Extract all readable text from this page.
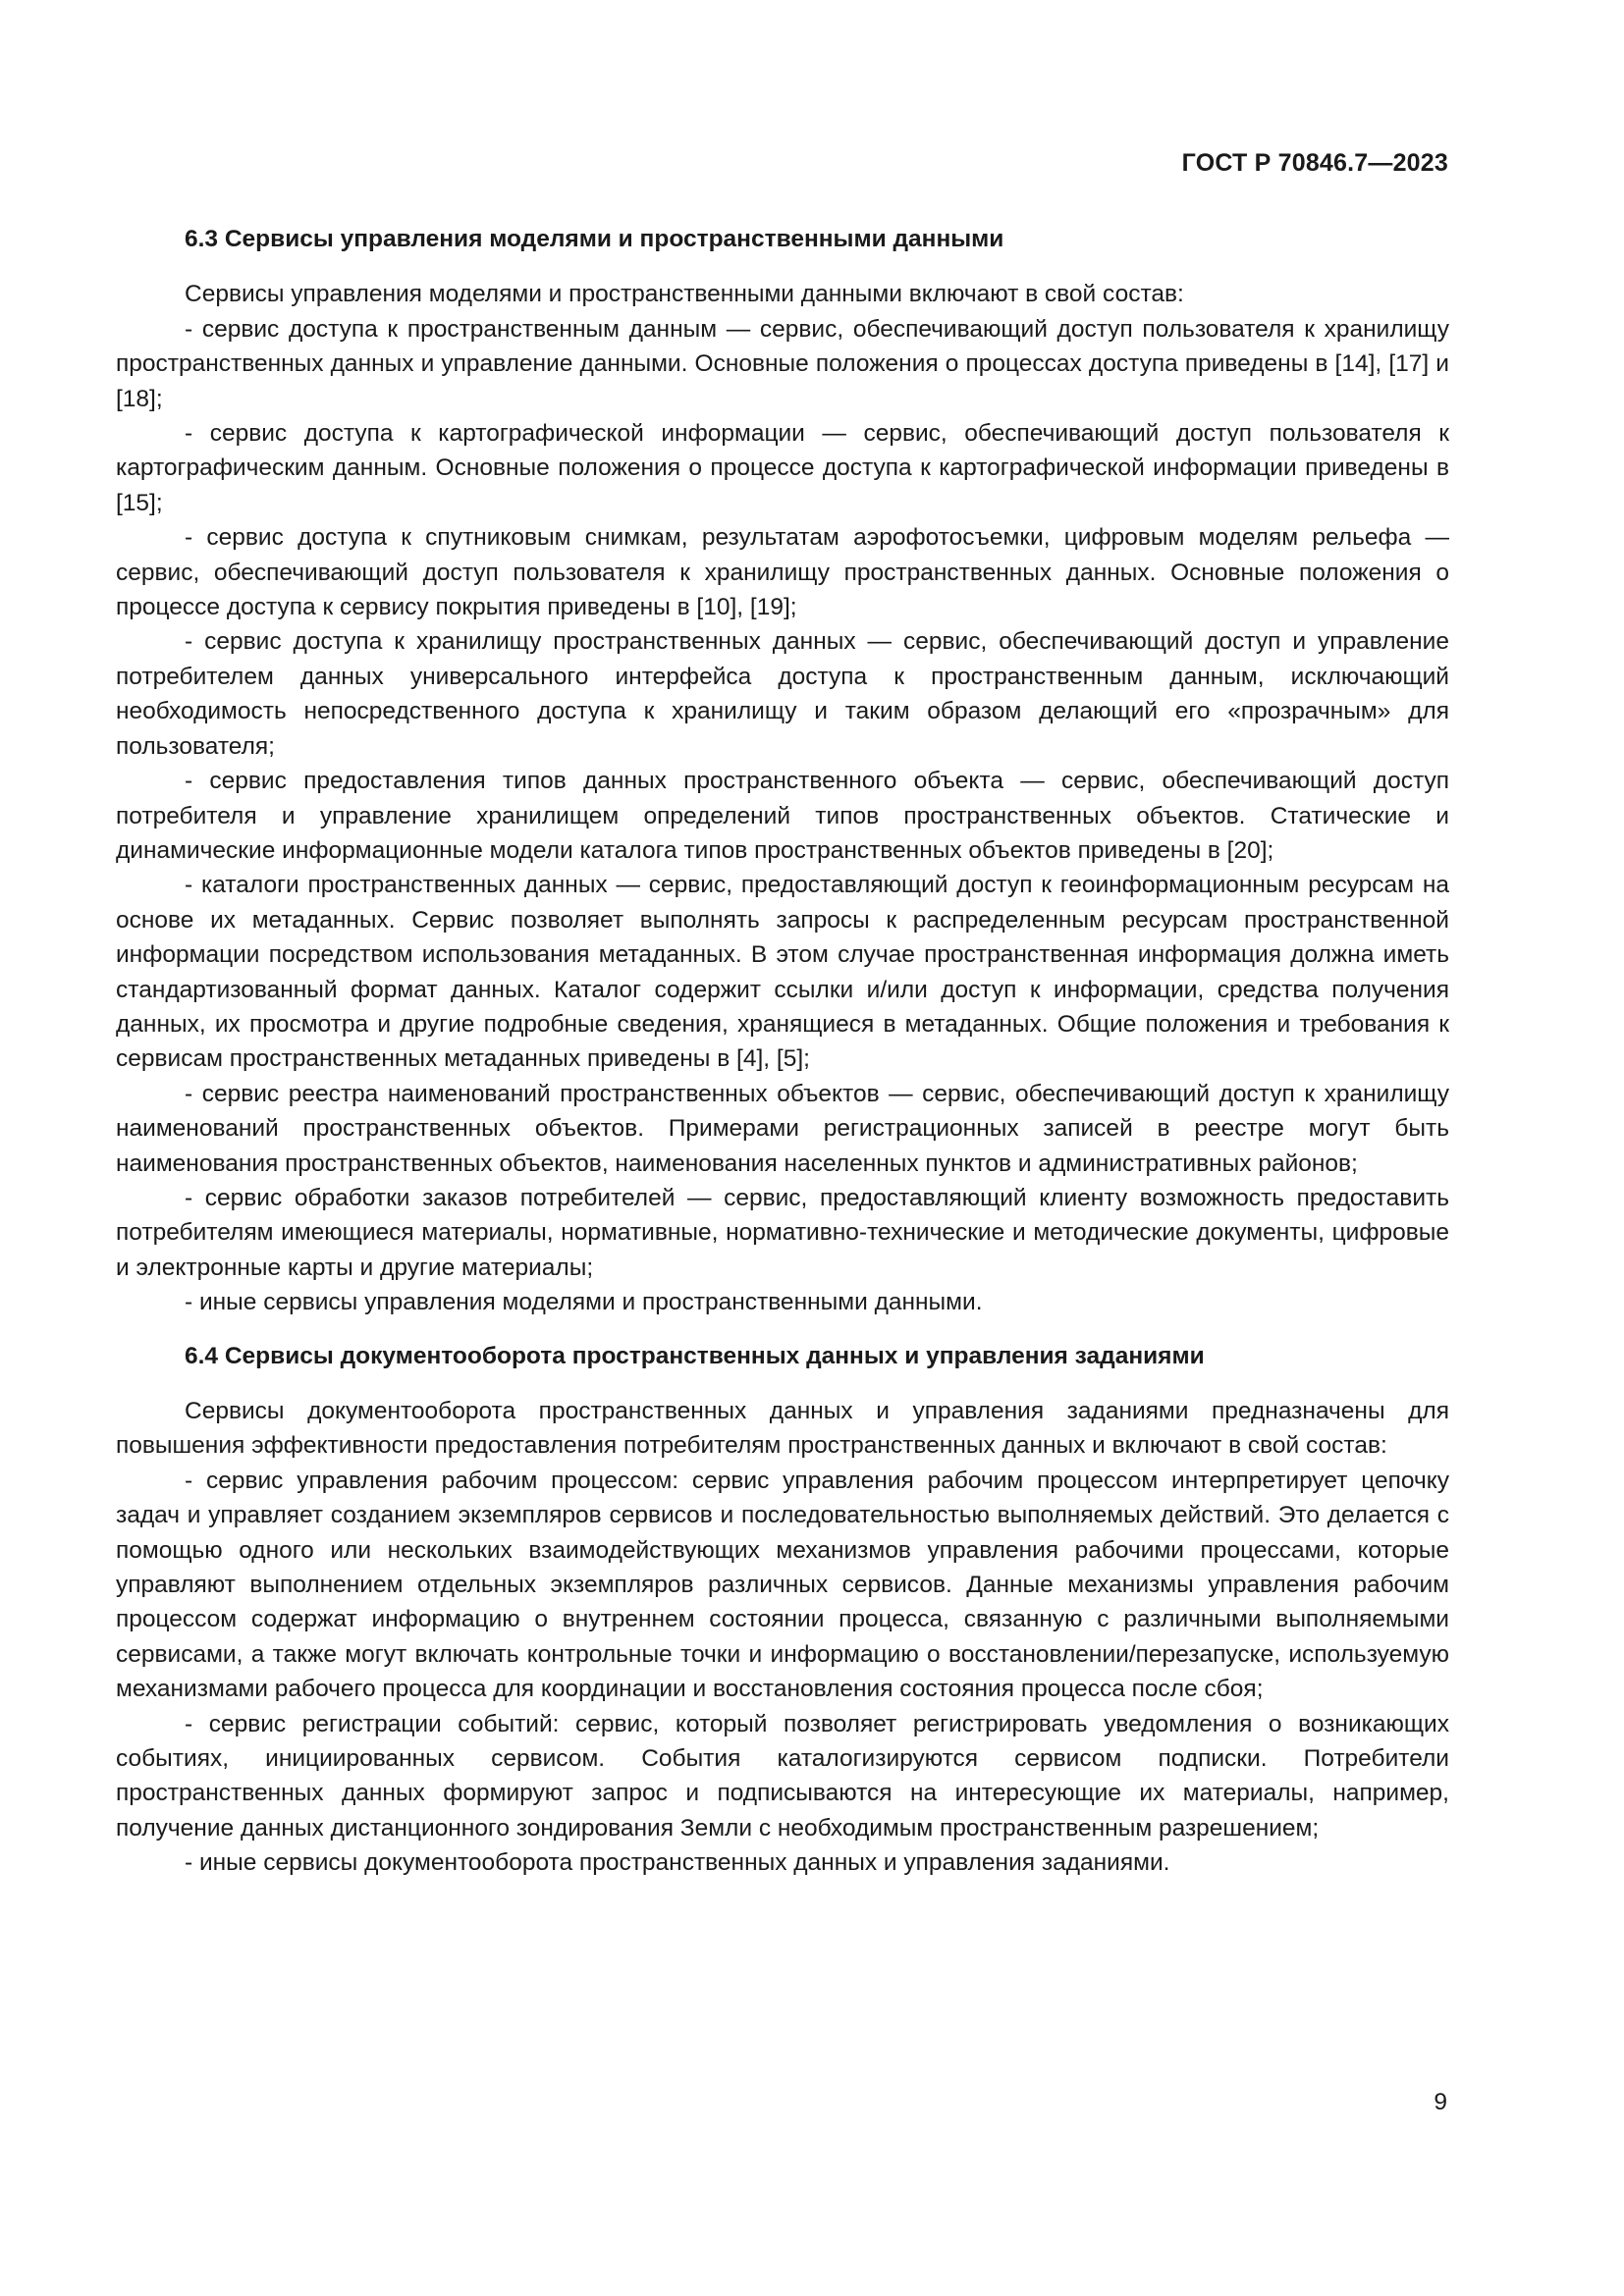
ГОСТ Р 70846.7—2023

6.3 Сервисы управления моделями и пространственными данными

Сервисы управления моделями и пространственными данными включают в свой состав:

- сервис доступа к пространственным данным — сервис, обеспечивающий доступ пользователя к хранилищу пространственных данных и управление данными. Основные положения о процессах доступа приведены в [14], [17] и [18];

- сервис доступа к картографической информации — сервис, обеспечивающий доступ пользователя к картографическим данным. Основные положения о процессе доступа к картографической информации приведены в [15];

- сервис доступа к спутниковым снимкам, результатам аэрофотосъемки, цифровым моделям рельефа — сервис, обеспечивающий доступ пользователя к хранилищу пространственных данных. Основные положения о процессе доступа к сервису покрытия приведены в [10], [19];

- сервис доступа к хранилищу пространственных данных — сервис, обеспечивающий доступ и управление потребителем данных универсального интерфейса доступа к пространственным данным, исключающий необходимость непосредственного доступа к хранилищу и таким образом делающий его «прозрачным» для пользователя;

- сервис предоставления типов данных пространственного объекта — сервис, обеспечивающий доступ потребителя и управление хранилищем определений типов пространственных объектов. Статические и динамические информационные модели каталога типов пространственных объектов приведены в [20];

- каталоги пространственных данных — сервис, предоставляющий доступ к геоинформационным ресурсам на основе их метаданных. Сервис позволяет выполнять запросы к распределенным ресурсам пространственной информации посредством использования метаданных. В этом случае пространственная информация должна иметь стандартизованный формат данных. Каталог содержит ссылки и/или доступ к информации, средства получения данных, их просмотра и другие подробные сведения, хранящиеся в метаданных. Общие положения и требования к сервисам пространственных метаданных приведены в [4], [5];

- сервис реестра наименований пространственных объектов — сервис, обеспечивающий доступ к хранилищу наименований пространственных объектов. Примерами регистрационных записей в реестре могут быть наименования пространственных объектов, наименования населенных пунктов и административных районов;

- сервис обработки заказов потребителей — сервис, предоставляющий клиенту возможность предоставить потребителям имеющиеся материалы, нормативные, нормативно-технические и методические документы, цифровые и электронные карты и другие материалы;

- иные сервисы управления моделями и пространственными данными.

6.4 Сервисы документооборота пространственных данных и управления заданиями

Сервисы документооборота пространственных данных и управления заданиями предназначены для повышения эффективности предоставления потребителям пространственных данных и включают в свой состав:

- сервис управления рабочим процессом: сервис управления рабочим процессом интерпретирует цепочку задач и управляет созданием экземпляров сервисов и последовательностью выполняемых действий. Это делается с помощью одного или нескольких взаимодействующих механизмов управления рабочими процессами, которые управляют выполнением отдельных экземпляров различных сервисов. Данные механизмы управления рабочим процессом содержат информацию о внутреннем состоянии процесса, связанную с различными выполняемыми сервисами, а также могут включать контрольные точки и информацию о восстановлении/перезапуске, используемую механизмами рабочего процесса для координации и восстановления состояния процесса после сбоя;

- сервис регистрации событий: сервис, который позволяет регистрировать уведомления о возникающих событиях, инициированных сервисом. События каталогизируются сервисом подписки. Потребители пространственных данных формируют запрос и подписываются на интересующие их материалы, например, получение данных дистанционного зондирования Земли с необходимым пространственным разрешением;

- иные сервисы документооборота пространственных данных и управления заданиями.

9
